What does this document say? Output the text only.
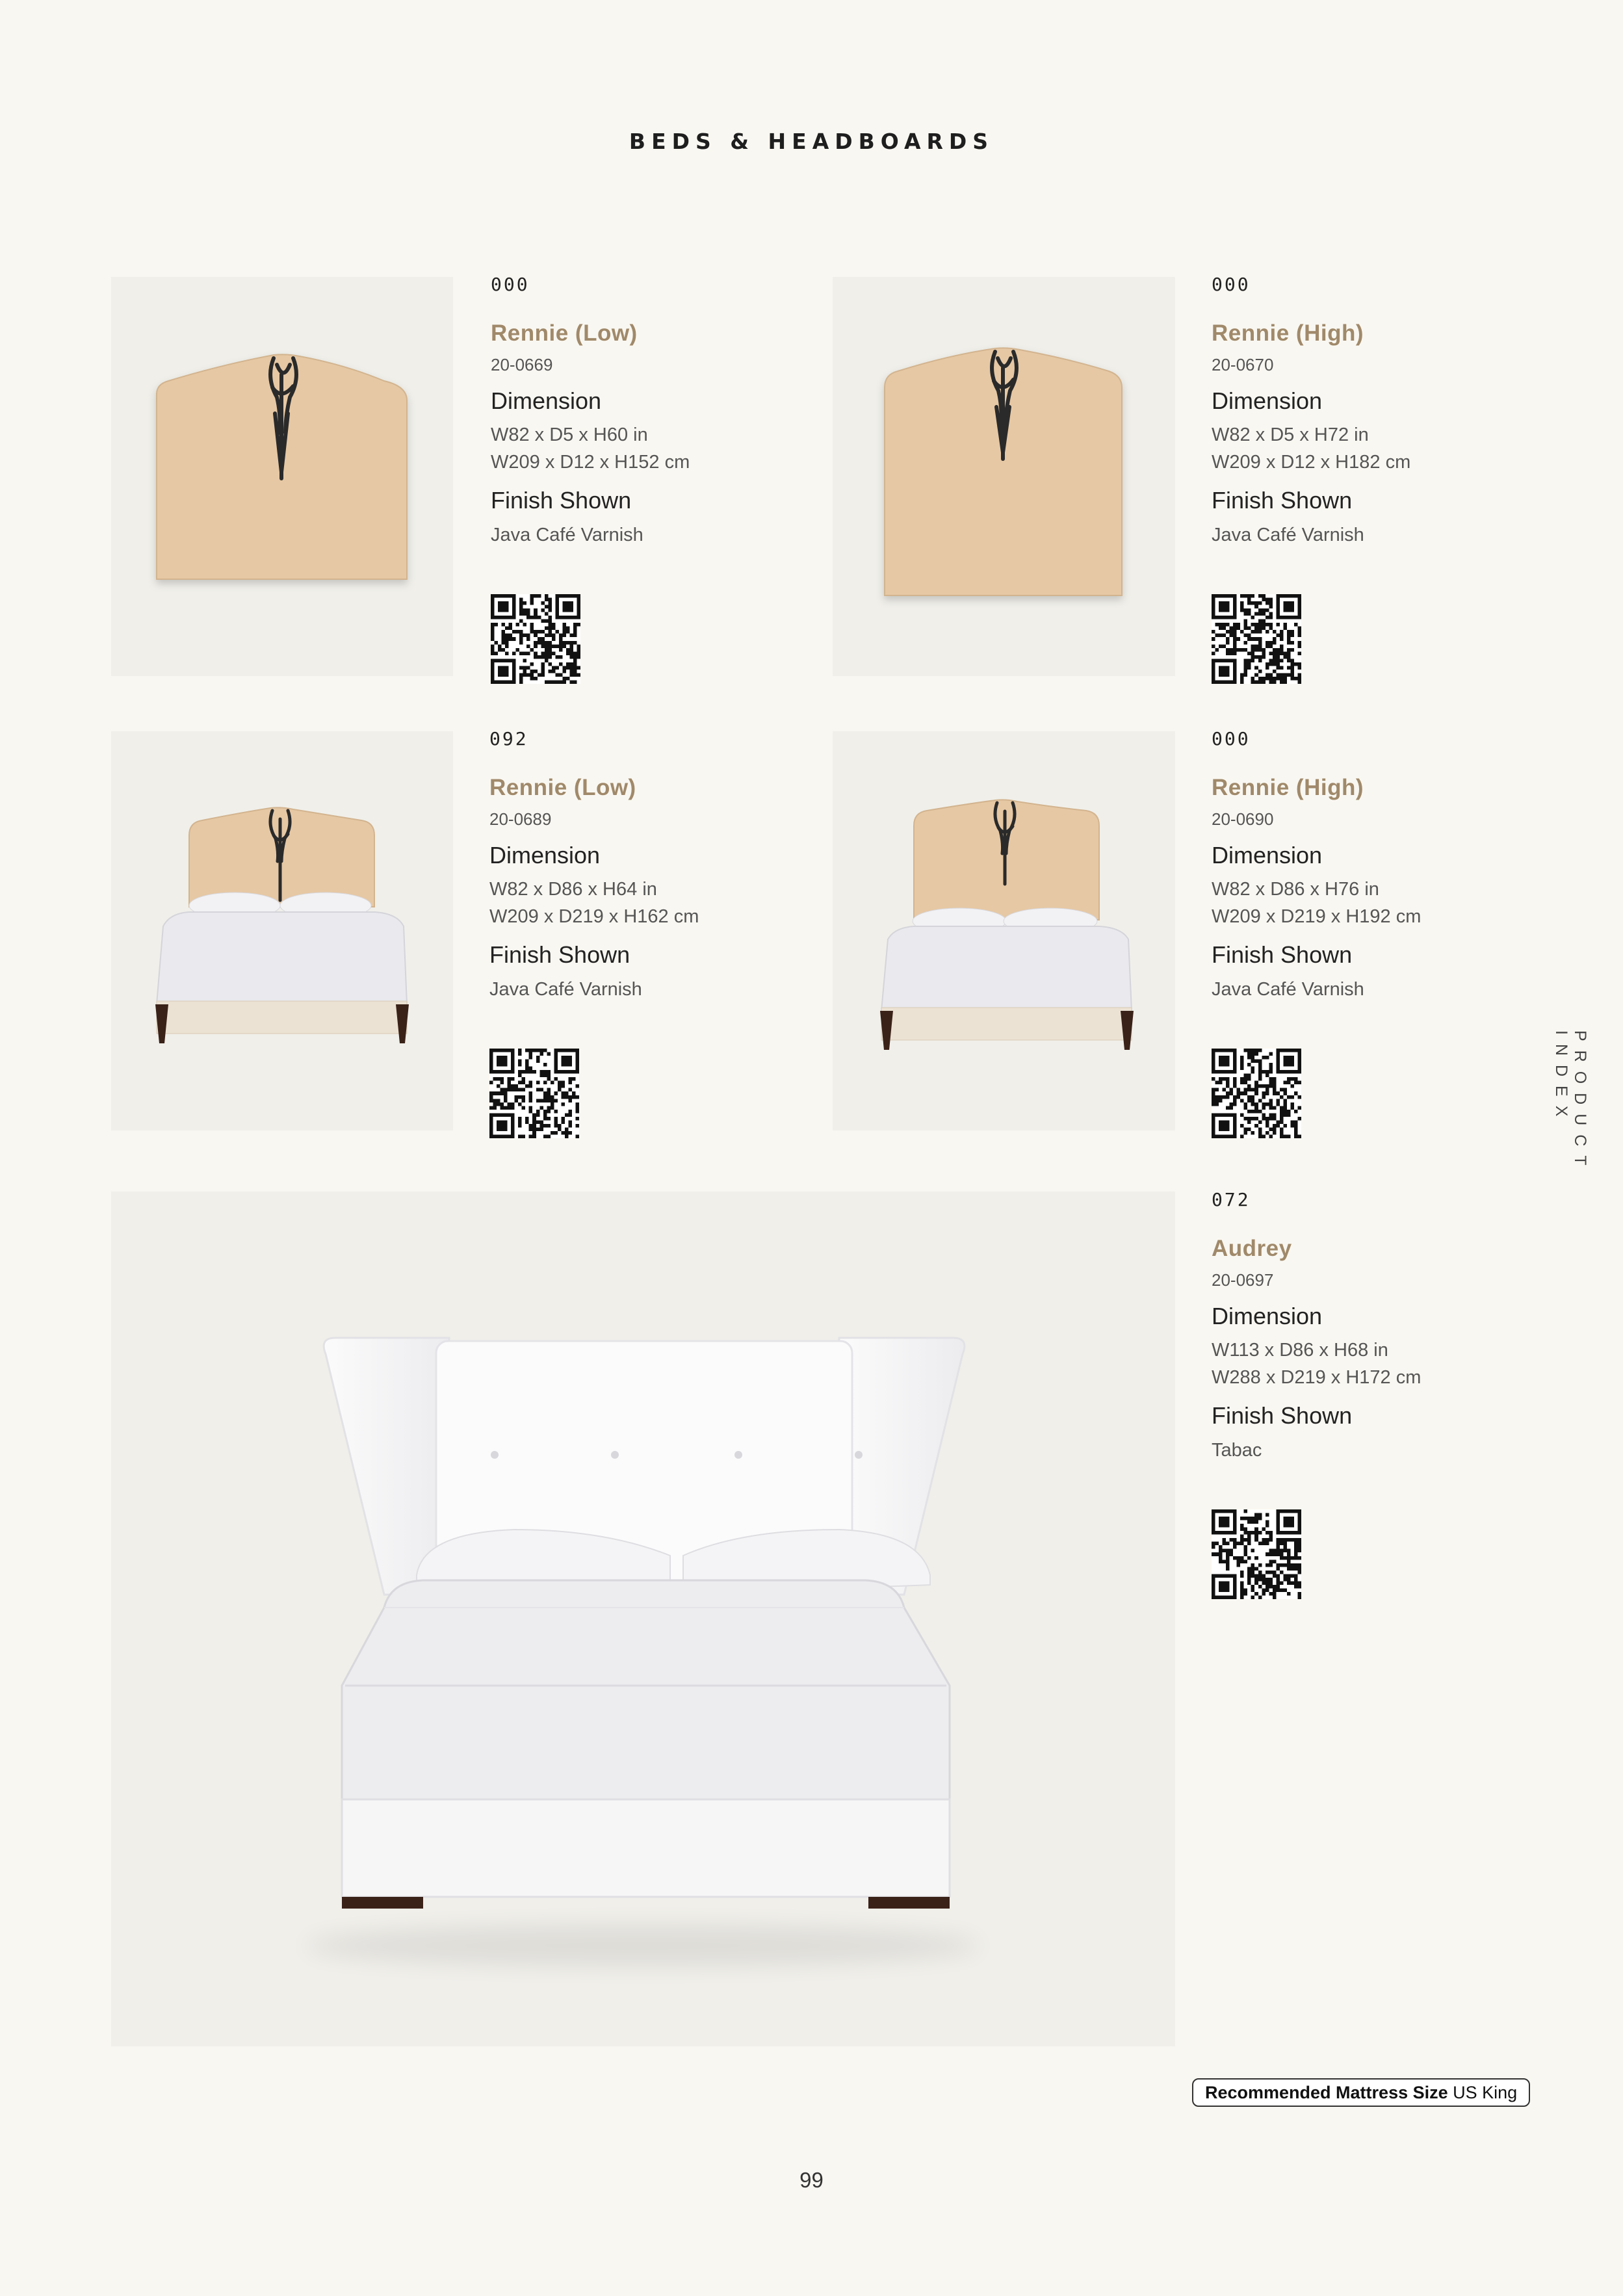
BEDS & HEADBOARDS
000
Rennie (Low)
20-0669
Dimension
W82 x D5 x H60 in
W209 x D12 x H152 cm
Finish Shown
Java Café Varnish
000
Rennie (High)
20-0670
Dimension
W82 x D5 x H72 in
W209 x D12 x H182 cm
Finish Shown
Java Café Varnish
092
Rennie (Low)
20-0689
Dimension
W82 x D86 x H64 in
W209 x D219 x H162 cm
Finish Shown
Java Café Varnish
000
Rennie (High)
20-0690
Dimension
W82 x D86 x H76 in
W209 x D219 x H192 cm
Finish Shown
Java Café Varnish
072
Audrey
20-0697
Dimension
W113 x D86 x H68 in
W288 x D219 x H172 cm
Finish Shown
Tabac
PRODUCT INDEX
Recommended Mattress Size US King
99
